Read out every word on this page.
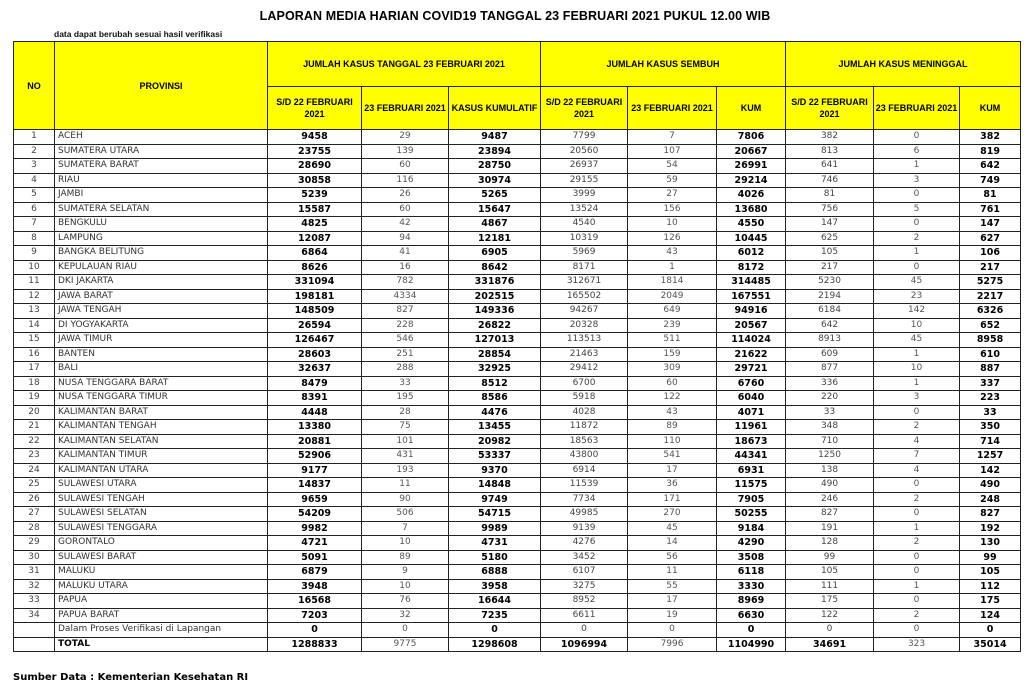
LAPORAN MEDIA HARIAN COVID19 TANGGAL 23 FEBRUARI 2021 PUKUL 12.00 WIB
data dapat berubah sesuai hasil verifikasi
NO	PROVINSI	JUMLAH KASUS TANGGAL 23 FEBRUARI 2021			JUMLAH KASUS SEMBUH			JUMLAH KASUS MENINGGAL		
		S/D 22 FEBRUARI 2021	23 FEBRUARI 2021	KASUS KUMULATIF	S/D 22 FEBRUARI 2021	23 FEBRUARI 2021	KUM	S/D 22 FEBRUARI 2021	23 FEBRUARI 2021	KUM
1	ACEH	9458	29	9487	7799	7	7806	382	0	382
2	SUMATERA UTARA	23755	139	23894	20560	107	20667	813	6	819
3	SUMATERA BARAT	28690	60	28750	26937	54	26991	641	1	642
4	RIAU	30858	116	30974	29155	59	29214	746	3	749
5	JAMBI	5239	26	5265	3999	27	4026	81	0	81
6	SUMATERA SELATAN	15587	60	15647	13524	156	13680	756	5	761
7	BENGKULU	4825	42	4867	4540	10	4550	147	0	147
8	LAMPUNG	12087	94	12181	10319	126	10445	625	2	627
9	BANGKA BELITUNG	6864	41	6905	5969	43	6012	105	1	106
10	KEPULAUAN RIAU	8626	16	8642	8171	1	8172	217	0	217
11	DKI JAKARTA	331094	782	331876	312671	1814	314485	5230	45	5275
12	JAWA BARAT	198181	4334	202515	165502	2049	167551	2194	23	2217
13	JAWA TENGAH	148509	827	149336	94267	649	94916	6184	142	6326
14	DI YOGYAKARTA	26594	228	26822	20328	239	20567	642	10	652
15	JAWA TIMUR	126467	546	127013	113513	511	114024	8913	45	8958
16	BANTEN	28603	251	28854	21463	159	21622	609	1	610
17	BALI	32637	288	32925	29412	309	29721	877	10	887
18	NUSA TENGGARA BARAT	8479	33	8512	6700	60	6760	336	1	337
19	NUSA TENGGARA TIMUR	8391	195	8586	5918	122	6040	220	3	223
20	KALIMANTAN BARAT	4448	28	4476	4028	43	4071	33	0	33
21	KALIMANTAN TENGAH	13380	75	13455	11872	89	11961	348	2	350
22	KALIMANTAN SELATAN	20881	101	20982	18563	110	18673	710	4	714
23	KALIMANTAN TIMUR	52906	431	53337	43800	541	44341	1250	7	1257
24	KALIMANTAN UTARA	9177	193	9370	6914	17	6931	138	4	142
25	SULAWESI UTARA	14837	11	14848	11539	36	11575	490	0	490
26	SULAWESI TENGAH	9659	90	9749	7734	171	7905	246	2	248
27	SULAWESI SELATAN	54209	506	54715	49985	270	50255	827	0	827
28	SULAWESI TENGGARA	9982	7	9989	9139	45	9184	191	1	192
29	GORONTALO	4721	10	4731	4276	14	4290	128	2	130
30	SULAWESI BARAT	5091	89	5180	3452	56	3508	99	0	99
31	MALUKU	6879	9	6888	6107	11	6118	105	0	105
32	MALUKU UTARA	3948	10	3958	3275	55	3330	111	1	112
33	PAPUA	16568	76	16644	8952	17	8969	175	0	175
34	PAPUA BARAT	7203	32	7235	6611	19	6630	122	2	124
	Dalam Proses Verifikasi di Lapangan	0	0	0	0	0	0	0	0	0
	TOTAL	1288833	9775	1298608	1096994	7996	1104990	34691	323	35014
Sumber Data : Kementerian Kesehatan RI
